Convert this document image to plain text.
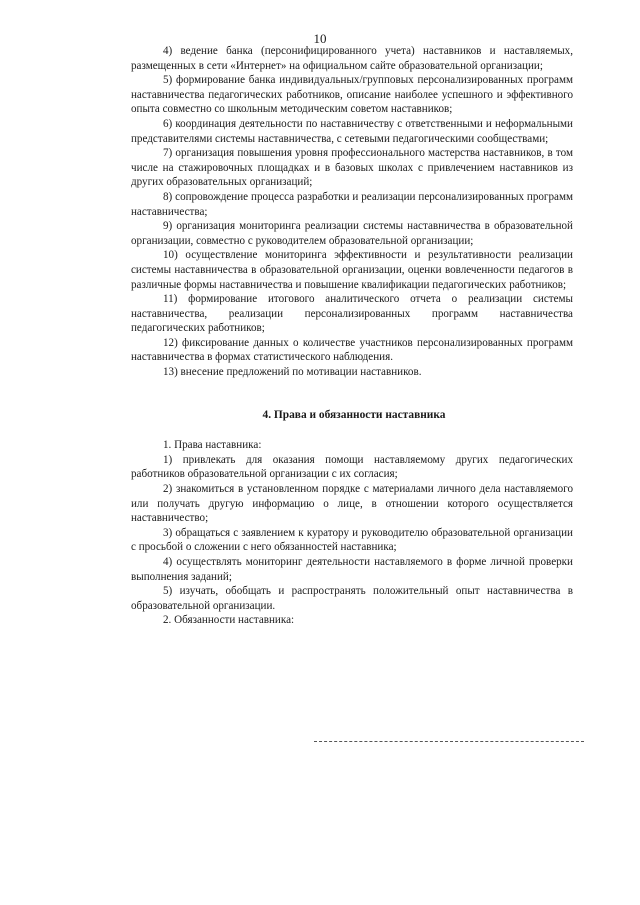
10

4) ведение банка (персонифицированного учета) наставников и наставляемых, размещенных в сети «Интернет» на официальном сайте образовательной организации;

5) формирование банка индивидуальных/групповых персонализированных программ наставничества педагогических работников, описание наиболее успешного и эффективного опыта совместно со школьным методическим советом наставников;

6) координация деятельности по наставничеству с ответственными и неформальными представителями системы наставничества, с сетевыми педагогическими сообществами;

7) организация повышения уровня профессионального мастерства наставников, в том числе на стажировочных площадках и в базовых школах с привлечением наставников из других образовательных организаций;

8) сопровождение процесса разработки и реализации персонализированных программ наставничества;

9) организация мониторинга реализации системы наставничества в образовательной организации, совместно с руководителем образовательной организации;

10) осуществление мониторинга эффективности и результативности реализации системы наставничества в образовательной организации, оценки вовлеченности педагогов в различные формы наставничества и повышение квалификации педагогических работников;

11) формирование итогового аналитического отчета о реализации системы наставничества, реализации персонализированных программ наставничества педагогических работников;

12) фиксирование данных о количестве участников персонализированных программ наставничества в формах статистического наблюдения.

13) внесение предложений по мотивации наставников.

4. Права и обязанности наставника

1. Права наставника:

1) привлекать для оказания помощи наставляемому других педагогических работников образовательной организации с их согласия;

2) знакомиться в установленном порядке с материалами личного дела наставляемого или получать другую информацию о лице, в отношении которого осуществляется наставничество;

3) обращаться с заявлением к куратору и руководителю образовательной организации с просьбой о сложении с него обязанностей наставника;

4) осуществлять мониторинг деятельности наставляемого в форме личной проверки выполнения заданий;

5) изучать, обобщать и распространять положительный опыт наставничества в образовательной организации.

2. Обязанности наставника:
